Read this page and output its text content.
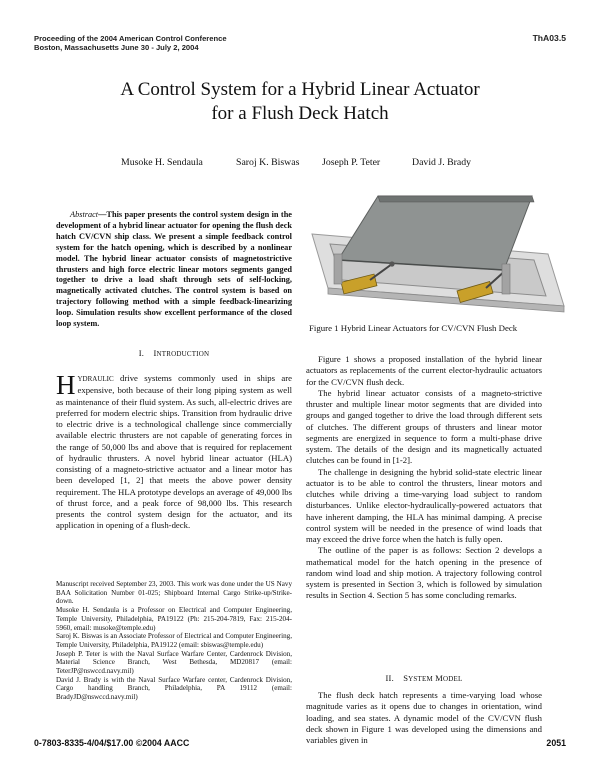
Proceeding of the 2004 American Control Conference
Boston, Massachusetts June 30 - July 2, 2004
ThA03.5
A Control System for a Hybrid Linear Actuator
for a Flush Deck Hatch
Musoke H. Sendaula	Saroj K. Biswas Joseph P. Teter	David J. Brady

Abstract—This paper presents the control system design in the development of a hybrid linear actuator for opening the flush deck hatch CV/CVN ship class. We present a simple feedback control system for the hatch opening, which is described by a nonlinear model. The hybrid linear actuator consists of magnetostrictive thrusters and high force electric linear motors segments ganged together to drive a load shaft through sets of self-locking, magnetically activated clutches. The control system is based on trajectory following method with a simple feedback-linearizing loop. Simulation results show excellent performance of the closed loop system.	Figure 1 Hybrid Linear Actuators for CV/CVN Flush Deck
I. INTRODUCTION

HYDRAULIC drive systems commonly used in ships are expensive, both because of their long piping system as well as maintenance of their fluid system. As such, all-electric drives are preferred for modern electric ships. Transition from hydraulic drive to electric drive is a technological challenge since commercially available electric thrusters are not capable of generating forces in the range of 50,000 lbs and above that is required for replacement of hydraulic thrusters. A novel hybrid linear actuator (HLA) consisting of a magneto-strictive actuator and a linear motor has been developed [1, 2] that meets the above power density requirement. The HLA prototype develops an average of 49,000 lbs of thrust force, and a peak force of 98,000 lbs. This research presents the control system design for the actuator, and its application in opening of a flush-deck.

Manuscript received September 23, 2003. This work was done under the US Navy BAA Solicitation Number 01-025; Shipboard Internal Cargo Strike-up/Strike-down.

Musoke H. Sendaula is a Professor on Electrical and Computer Engineering, Temple University, Philadelphia, PA19122 (Ph: 215-204-7819, Fax: 215-204-5960, email: musoke@temple.edu)

Saroj K. Biswas is an Associate Professor of Electrical and Computer Engineering, Temple University, Philadelphia, PA19122 (email: sbiswas@temple.edu)

Joseph P. Teter is with the Naval Surface Warfare Center, Cardenrock Division, Material Science Branch, West Bethesda, MD20817 (email: TeterJP@nswccd.navy.mil)

David J. Brady is with the Naval Surface Warfare center, Cardenrock Division, Cargo handling Branch, Philadelphia, PA 19112 (email: BradyJD@nswccd.navy.mil)

Figure 1 shows a proposed installation of the hybrid linear actuators as replacements of the current elector-hydraulic actuators for the CV/CVN flush deck.

The hybrid linear actuator consists of a magneto-strictive thruster and multiple linear motor segments that are divided into groups and ganged together to drive the load through different sets of clutches. The different groups of thrusters and linear motor segments are energized in sequence to form a multi-phase drive system. The details of the design and its magnetically actuated clutches can be found in [1-2].

The challenge in designing the hybrid solid-state electric linear actuator is to be able to control the thrusters, linear motors and clutches while driving a time-varying load subject to random disturbances. Unlike elector-hydraulically-powered actuators that have inherent damping, the HLA has minimal damping. A precise control system will be needed in the presence of wind loads that may exceed the drive force when the hatch is fully open.

The outline of the paper is as follows: Section 2 develops a mathematical model for the hatch opening in the presence of random wind load and ship motion. A trajectory following control system is presented in Section 3, which is followed by simulation results in Section 4. Section 5 has some concluding remarks.

II. SYSTEM MODEL

The flush deck hatch represents a time-varying load whose magnitude varies as it opens due to changes in orientation, wind loading, and sea states. A dynamic model of the CV/CVN flush deck shown in Figure 1 was developed using the dimensions and variables given in

0-7803-8335-4/04/$17.00 ©2004 AACC	2051
